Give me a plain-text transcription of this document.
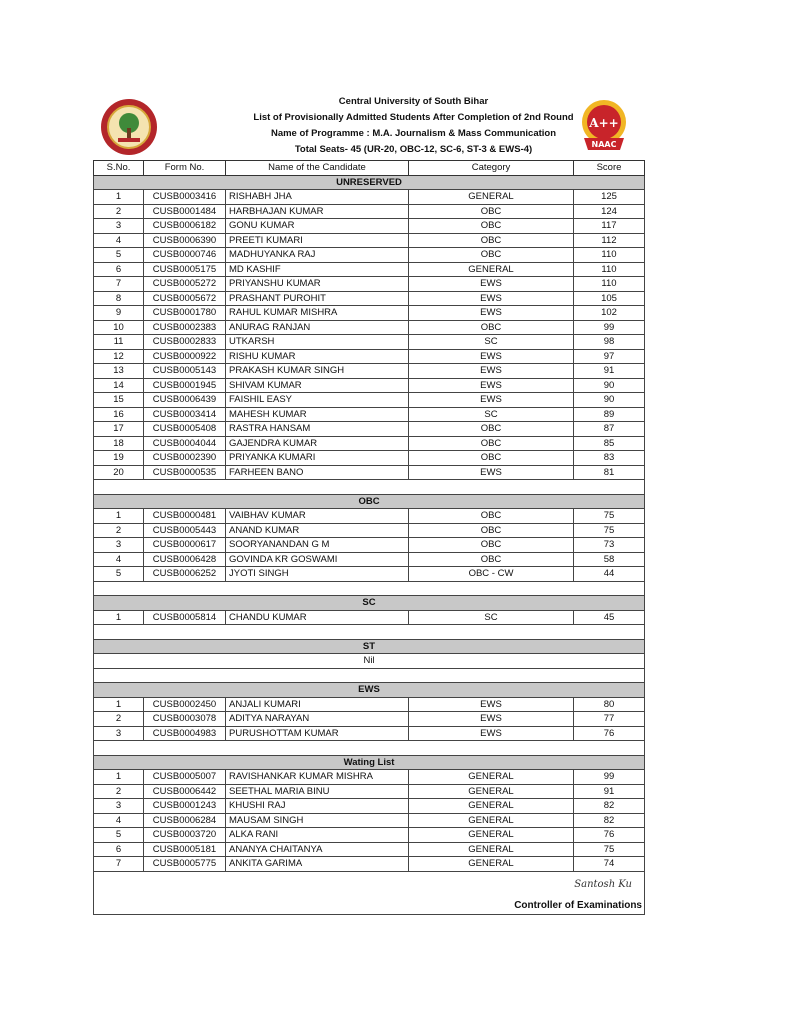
Central University of South Bihar
List of Provisionally Admitted Students After Completion of 2nd Round
Name of Programme : M.A. Journalism & Mass Communication
Total Seats- 45 (UR-20, OBC-12, SC-6, ST-3 & EWS-4)
A++
NAAC
S.No.	Form No.	Name of the Candidate	Category	Score
UNRESERVED				
1	CUSB0003416	RISHABH JHA	GENERAL	125
2	CUSB0001484	HARBHAJAN KUMAR	OBC	124
3	CUSB0006182	GONU KUMAR	OBC	117
4	CUSB0006390	PREETI KUMARI	OBC	112
5	CUSB0000746	MADHUYANKA RAJ	OBC	110
6	CUSB0005175	MD KASHIF	GENERAL	110
7	CUSB0005272	PRIYANSHU KUMAR	EWS	110
8	CUSB0005672	PRASHANT PUROHIT	EWS	105
9	CUSB0001780	RAHUL KUMAR MISHRA	EWS	102
10	CUSB0002383	ANURAG RANJAN	OBC	99
11	CUSB0002833	UTKARSH	SC	98
12	CUSB0000922	RISHU KUMAR	EWS	97
13	CUSB0005143	PRAKASH KUMAR SINGH	EWS	91
14	CUSB0001945	SHIVAM KUMAR	EWS	90
15	CUSB0006439	FAISHIL EASY	EWS	90
16	CUSB0003414	MAHESH KUMAR	SC	89
17	CUSB0005408	RASTRA HANSAM	OBC	87
18	CUSB0004044	GAJENDRA KUMAR	OBC	85
19	CUSB0002390	PRIYANKA KUMARI	OBC	83
20	CUSB0000535	FARHEEN BANO	EWS	81

OBC				
1	CUSB0000481	VAIBHAV KUMAR	OBC	75
2	CUSB0005443	ANAND KUMAR	OBC	75
3	CUSB0000617	SOORYANANDAN G M	OBC	73
4	CUSB0006428	GOVINDA KR GOSWAMI	OBC	58
5	CUSB0006252	JYOTI SINGH	OBC - CW	44

SC				
1	CUSB0005814	CHANDU KUMAR	SC	45

ST				
Nil				

EWS				
1	CUSB0002450	ANJALI KUMARI	EWS	80
2	CUSB0003078	ADITYA NARAYAN	EWS	77
3	CUSB0004983	PURUSHOTTAM KUMAR	EWS	76

Wating List				
1	CUSB0005007	RAVISHANKAR KUMAR MISHRA	GENERAL	99
2	CUSB0006442	SEETHAL MARIA BINU	GENERAL	91
3	CUSB0001243	KHUSHI RAJ	GENERAL	82
4	CUSB0006284	MAUSAM SINGH	GENERAL	82
5	CUSB0003720	ALKA RANI	GENERAL	76
6	CUSB0005181	ANANYA CHAITANYA	GENERAL	75
7	CUSB0005775	ANKITA GARIMA	GENERAL	74

Santosh Ku
Controller of Examinations				
